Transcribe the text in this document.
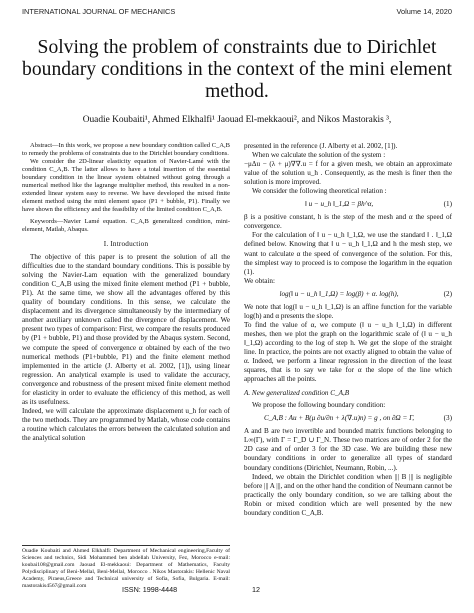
INTERNATIONAL JOURNAL OF MECHANICS	Volume 14, 2020
Solving the problem of constraints due to Dirichlet boundary conditions in the context of the mini element method.
Ouadie Koubaiti¹, Ahmed Elkhalfi¹ Jaouad El-mekkaoui², and Nikos Mastorakis ³,

Abstract—In this work, we propose a new boundary condition called C_A,B to remedy the problems of constraints due to the Dirichlet boundary conditions.

We consider the 2D-linear elasticity equation of Navier-Lamé with the condition C_A,B. The latter allows to have a total insertion of the essential boundary condition in the linear system obtained without going through a numerical method like the lagrange multiplier method, this resulted in a non-extended linear system easy to reverse. We have developed the mixed finite element method using the mini element space (P1 + bubble, P1). Finally we have shown the efficiency and the feasibility of the limited condition C_A,B.

Keywords—Navier Lamé equation. C_A,B generalized condition, mini-element, Matlab, Abaqus.

I. Introduction

The objective of this paper is to present the solution of all the difficulties due to the standard boundary conditions. This is possible by solving the Navier-Lam equation with the generalized boundary condition C_A,B using the mixed finite element method (P1 + bubble, P1). At the same time, we show all the advantages offered by this quality of boundary conditions. In this sense, we calculate the displacement and its divergence simultaneously by the intermediary of another auxiliary unknown called the divergence of displacement. We present two types of comparison: First, we compare the results produced by (P1 + bubble, P1) and those provided by the Abaqus system. Second, we compute the speed of convergence α obtained by each of the two numerical methods (P1+bubble, P1) and the finite element method implemented in the article (J. Alberty et al. 2002, [1]), using linear regression. An analytical example is used to validate the accuracy, convergence and robustness of the present mixed finite element method for elasticity in order to evaluate the efficiency of this method, as well as its usefulness.

Indeed, we will calculate the approximate displacement u_h for each of the two methods. They are programmed by Matlab, whose code contains a routine which calculates the errors between the calculated solution and the analytical solution

Ouadie Koubaiti and Ahmed Elkhalfi: Department of Mechanical engineering,Faculty of Sciences and technics, Sidi Mohammed ben abdellah University, Fez, Morocco e-mail: koubai108@gmail.com Jaouad El-mekkaoui: Department of Mathematics, Faculty Polydisciplinary of Beni-Mellal, Beni-Mellal, Morocco . Nikos Mastorakis: Hellenic Naval Academy, Piraeus,Greece and Technical university of Sofia, Sofia, Bulgaria. E-mail: mastorakis4567@gmail.com

presented in the reference (J. Alberty et al. 2002, [1]).

When we calculate the solution of the system :

−μΔu − (λ + μ)∇∇.u = f for a given mesh, we obtain an approximate value of the solution u_h . Consequently, as the mesh is finer then the solution is more improved.

We consider the following theoretical relation :

‖ u − u_h ‖_1,Ω = βh^α,	(1)

β is a positive constant, h is the step of the mesh and α the speed of convergence.

For the calculation of ‖ u − u_h ‖_1,Ω, we use the standard ‖ . ‖_1,Ω defined below. Knowing that ‖ u − u_h ‖_1,Ω and h the mesh step, we want to calculate α the speed of convergence of the solution. For this, the simplest way to proceed is to compose the logarithm in the equation (1).

We obtain:

log(‖ u − u_h ‖_1,Ω) = log(β) + α. log(h),	(2)

We note that log(‖ u − u_h ‖_1,Ω) is an affine function for the variable log(h) and α presents the slope.

To find the value of α, we compute (‖ u − u_h ‖_1,Ω) in different meshes, then we plot the graph on the logarithmic scale of (‖ u − u_h ‖_1,Ω) according to the log of step h. We get the slope of the straight line. In practice, the points are not exactly aligned to obtain the value of α. Indeed, we perform a linear regression in the direction of the least squares, that is to say we take for α the slope of the line which approaches all the points.

A. New generalized condition C_A,B

We propose the following boundary condition:

C_A,B : Au + B(μ ∂u/∂n + λ(∇.u)n) = g , on ∂Ω = Γ,	(3)

A and B are two invertible and bounded matrix functions belonging to L∞(Γ), with Γ = Γ_D ∪ Γ_N. These two matrices are of order 2 for the 2D case and of order 3 for the 3D case. We are building these new boundary conditions in order to generalize all types of standard boundary conditions (Dirichlet, Neumann, Robin, ...).

Indeed, we obtain the Dirichlet condition when ||| B ||| is negligible before ||| A |||, and on the other hand the condition of Neumann cannot be practically the only boundary condition, so we are talking about the Robin or mixed condition which are well presented by the new boundary condition C_A,B.

ISSN: 1998-4448	12
